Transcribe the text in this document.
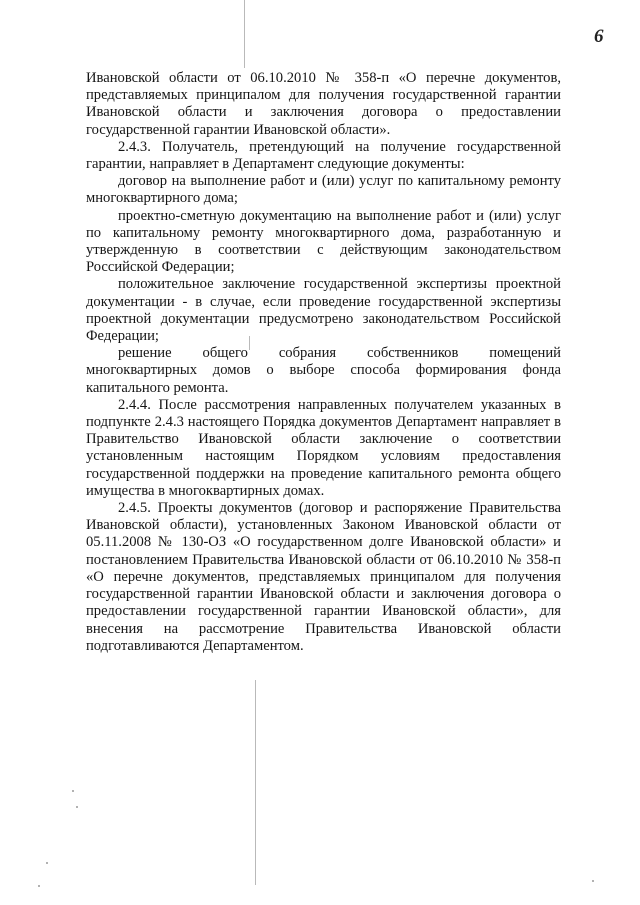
6

Ивановской области от 06.10.2010 № 358-п «О перечне документов, представляемых принципалом для получения государственной гарантии Ивановской области и заключения договора о предоставлении государственной гарантии Ивановской области».

2.4.3. Получатель, претендующий на получение государственной гарантии, направляет в Департамент следующие документы:

договор на выполнение работ и (или) услуг по капитальному ремонту многоквартирного дома;

проектно-сметную документацию на выполнение работ и (или) услуг по капитальному ремонту многоквартирного дома, разработанную и утвержденную в соответствии с действующим законодательством Российской Федерации;

положительное заключение государственной экспертизы проектной документации - в случае, если проведение государственной экспертизы проектной документации предусмотрено законодательством Российской Федерации;

решение общего собрания собственников помещений многоквартирных домов о выборе способа формирования фонда капитального ремонта.

2.4.4. После рассмотрения направленных получателем указанных в подпункте 2.4.3 настоящего Порядка документов Департамент направляет в Правительство Ивановской области заключение о соответствии установленным настоящим Порядком условиям предоставления государственной поддержки на проведение капитального ремонта общего имущества в многоквартирных домах.

2.4.5. Проекты документов (договор и распоряжение Правительства Ивановской области), установленных Законом Ивановской области от 05.11.2008 № 130-ОЗ «О государственном долге Ивановской области» и постановлением Правительства Ивановской области от 06.10.2010 № 358-п «О перечне документов, представляемых принципалом для получения государственной гарантии Ивановской области и заключения договора о предоставлении государственной гарантии Ивановской области», для внесения на рассмотрение Правительства Ивановской области подготавливаются Департаментом.
